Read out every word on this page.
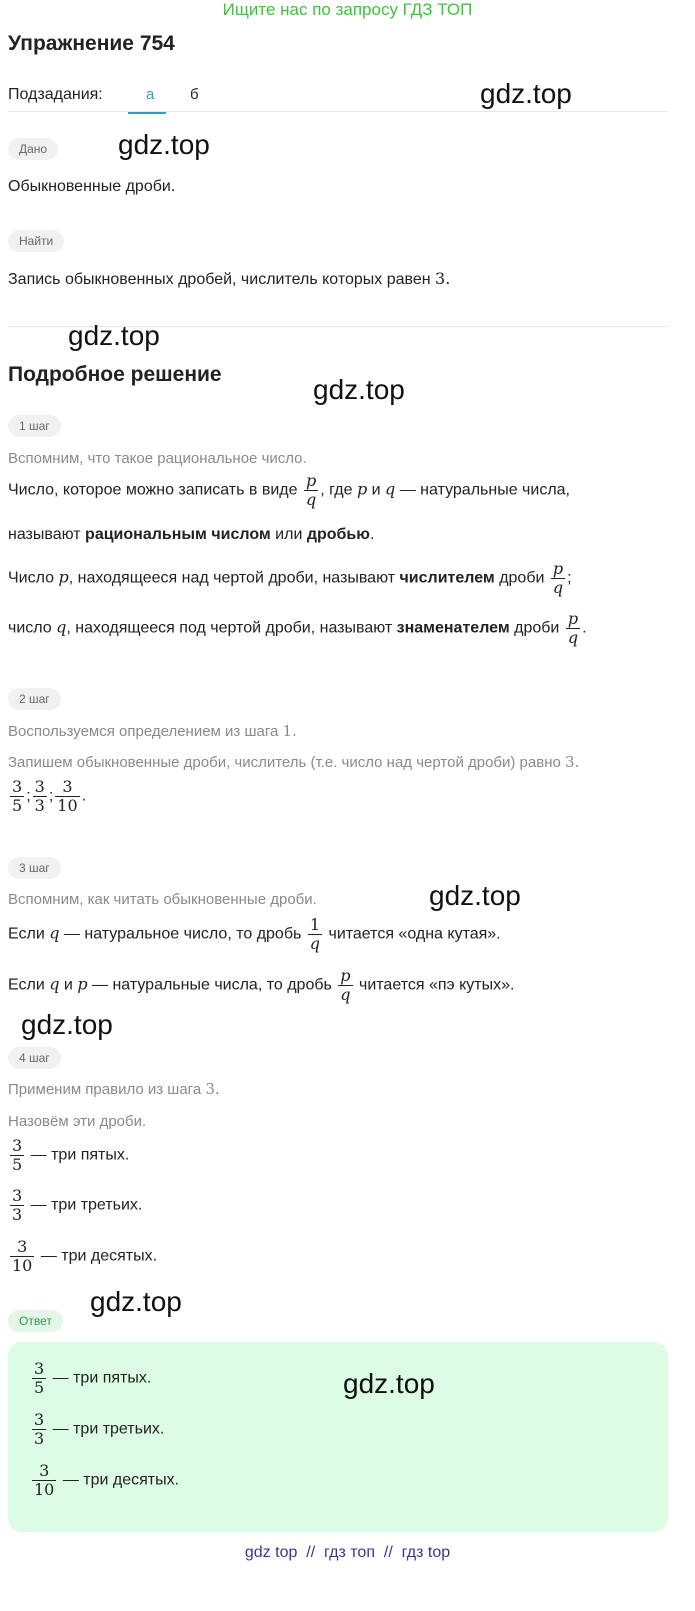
Ищите нас по запросу ГДЗ ТОП
Упражнение 754
Подзадания:	а б	gdz.top
Дано	gdz.top
Обыкновенные дроби.
Найти
Запись обыкновенных дробей, числитель которых равен 3.
gdz.top
Подробное решение	gdz.top
1 шаг
Вспомним, что такое рациональное число.
Число, которое можно записать в виде $\frac{p}{q}$ , где p и q — натуральные числа,
называют рациональным числом или дробью.
Число p, находящееся над чертой дроби, называют числителем дроби $\frac{p}{q}$ ;
число q, находящееся под чертой дроби, называют знаменателем дроби $\frac{p}{q}$ .
2 шаг
Воспользуемся определением из шага 1.
Запишем обыкновенные дроби, числитель (т.е. число над чертой дроби) равно 3.
$\frac{3}{5}$ ; $\frac{3}{3}$ ; $\frac{3}{10}$ .
3 шаг
Вспомним, как читать обыкновенные дроби.	gdz.top
Если q — натуральное число, то дробь $\frac{1}{q}$ читается «одна кутая».
Если q и p — натуральные числа, то дробь $\frac{p}{q}$ читается «пэ кутых».
gdz.top
4 шаг
Применим правило из шага 3.
Назовём эти дроби.
$\frac{3}{5}$ — три пятых.
$\frac{3}{3}$ — три третьих.
$\frac{3}{10}$ — три десятых.
Ответ
gdz.top
gdz.top
$\frac{3}{5}$ — три пятых.
$\frac{3}{3}$ — три третьих.
$\frac{3}{10}$ — три десятых.
gdz top  //  гдз топ  //  гдз top
